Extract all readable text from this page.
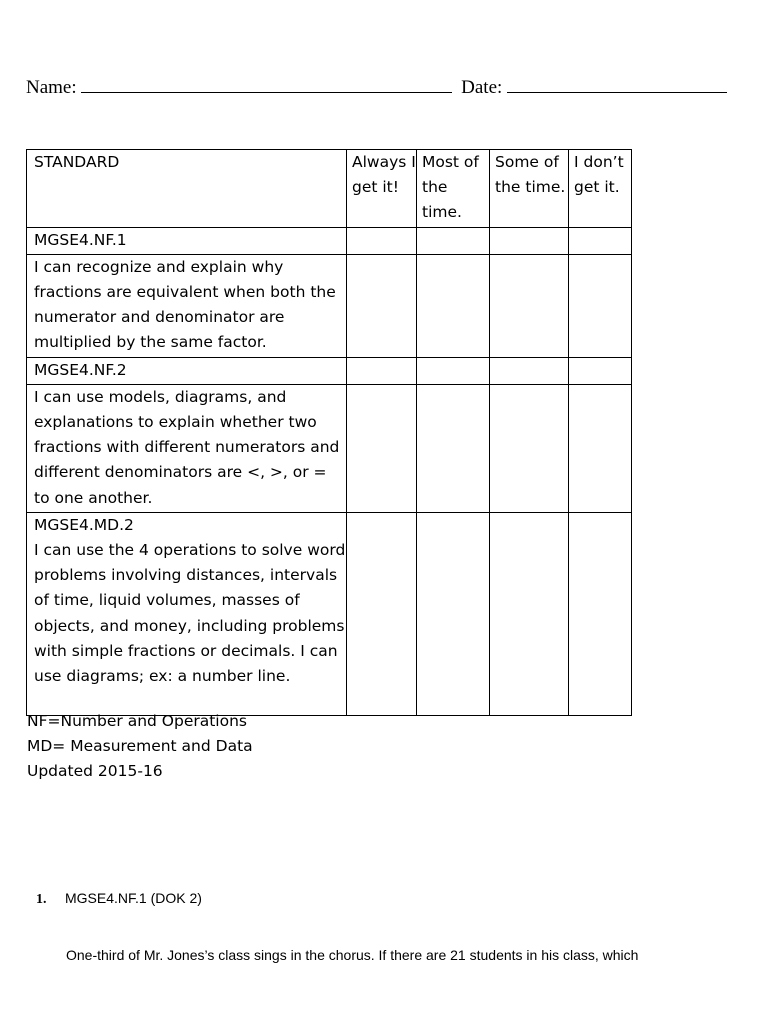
Name:	Date:
STANDARD	Always I get it!	Most of the time.	Some of the time.	I don’t get it.
MGSE4.NF.1				
I can recognize and explain why fractions are equivalent when both the numerator and denominator are multiplied by the same factor.				
MGSE4.NF.2				
I can use models, diagrams, and explanations to explain whether two fractions with different numerators and different denominators are <, >, or = to one another.				

MGSE4.MD.2
I can use the 4 operations to solve word problems involving distances, intervals of time, liquid volumes, masses of objects, and money, including problems with simple fractions or decimals. I can use diagrams; ex: a number line.				

NF=Number and Operations
MD= Measurement and Data
Updated 2015-16
1. MGSE4.NF.1 (DOK 2)
One-third of Mr. Jones’s class sings in the chorus. If there are 21 students in his class, which
